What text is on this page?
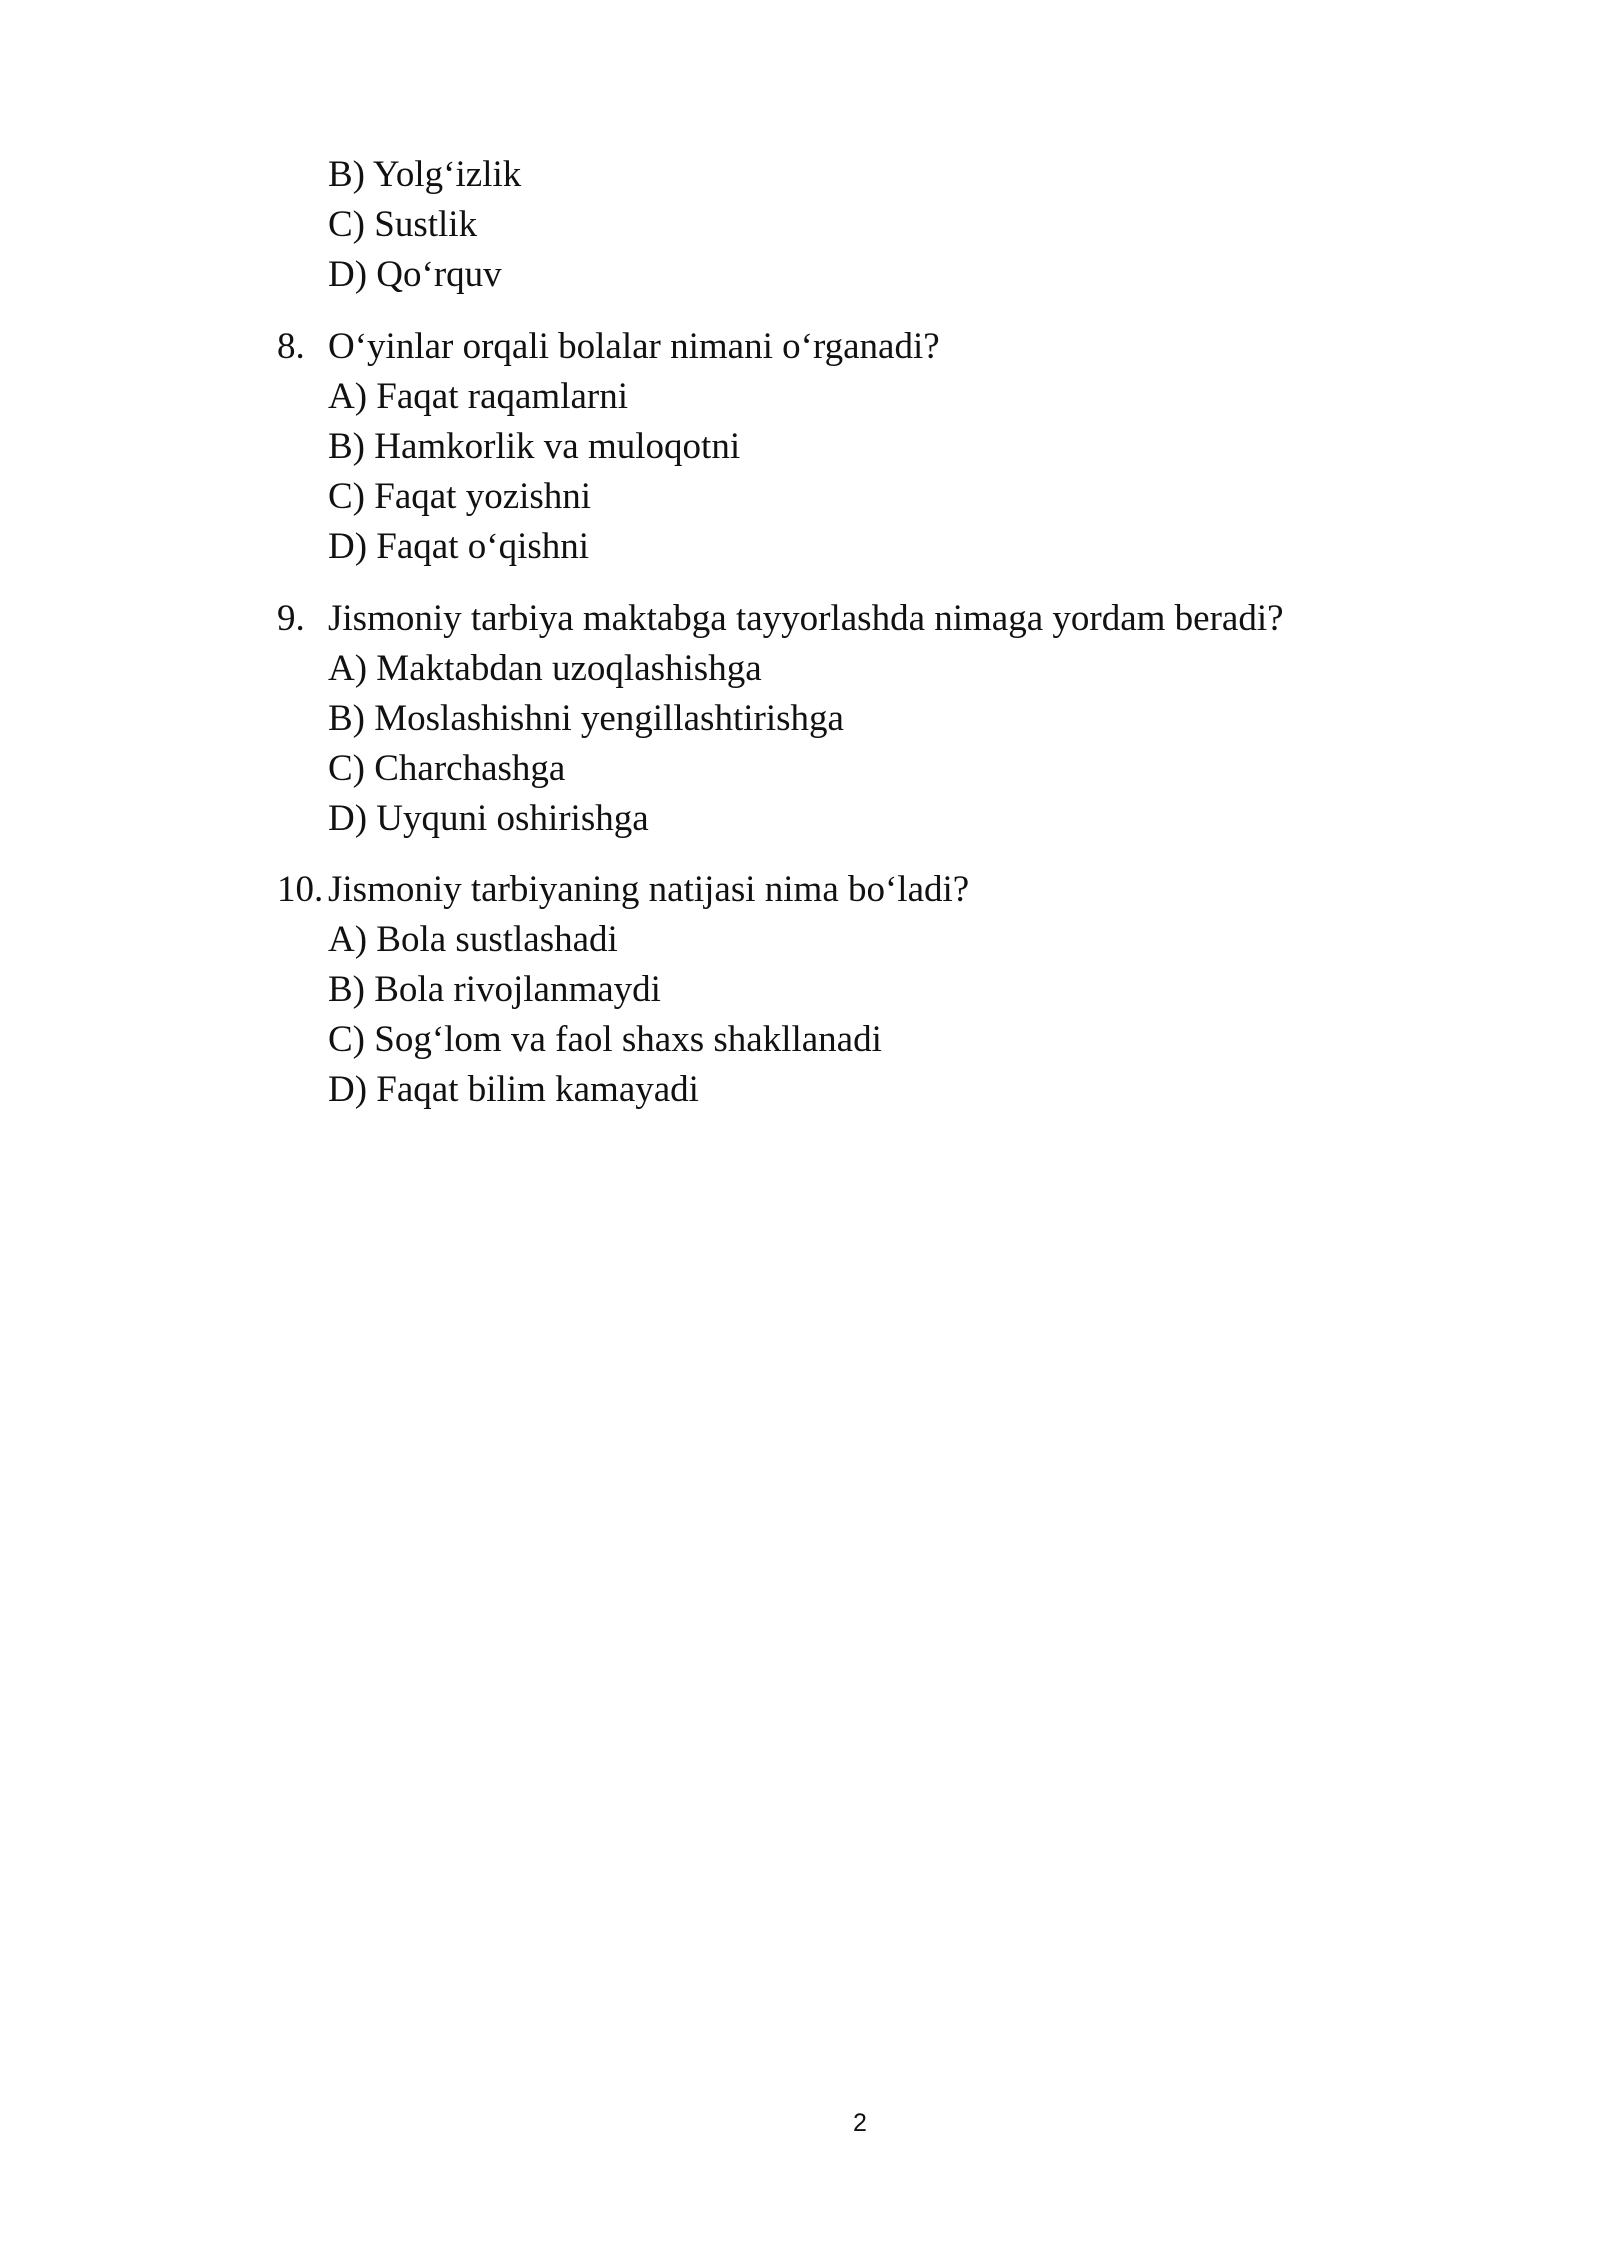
B) Yolg‘izlik
C) Sustlik
D) Qo‘rquv
8. O‘yinlar orqali bolalar nimani o‘rganadi?
A) Faqat raqamlarni
B) Hamkorlik va muloqotni
C) Faqat yozishni
D) Faqat o‘qishni
9. Jismoniy tarbiya maktabga tayyorlashda nimaga yordam beradi?
A) Maktabdan uzoqlashishga
B) Moslashishni yengillashtirishga
C) Charchashga
D) Uyquni oshirishga
10. Jismoniy tarbiyaning natijasi nima bo‘ladi?
A) Bola sustlashadi
B) Bola rivojlanmaydi
C) Sog‘lom va faol shaxs shakllanadi
D) Faqat bilim kamayadi
2
